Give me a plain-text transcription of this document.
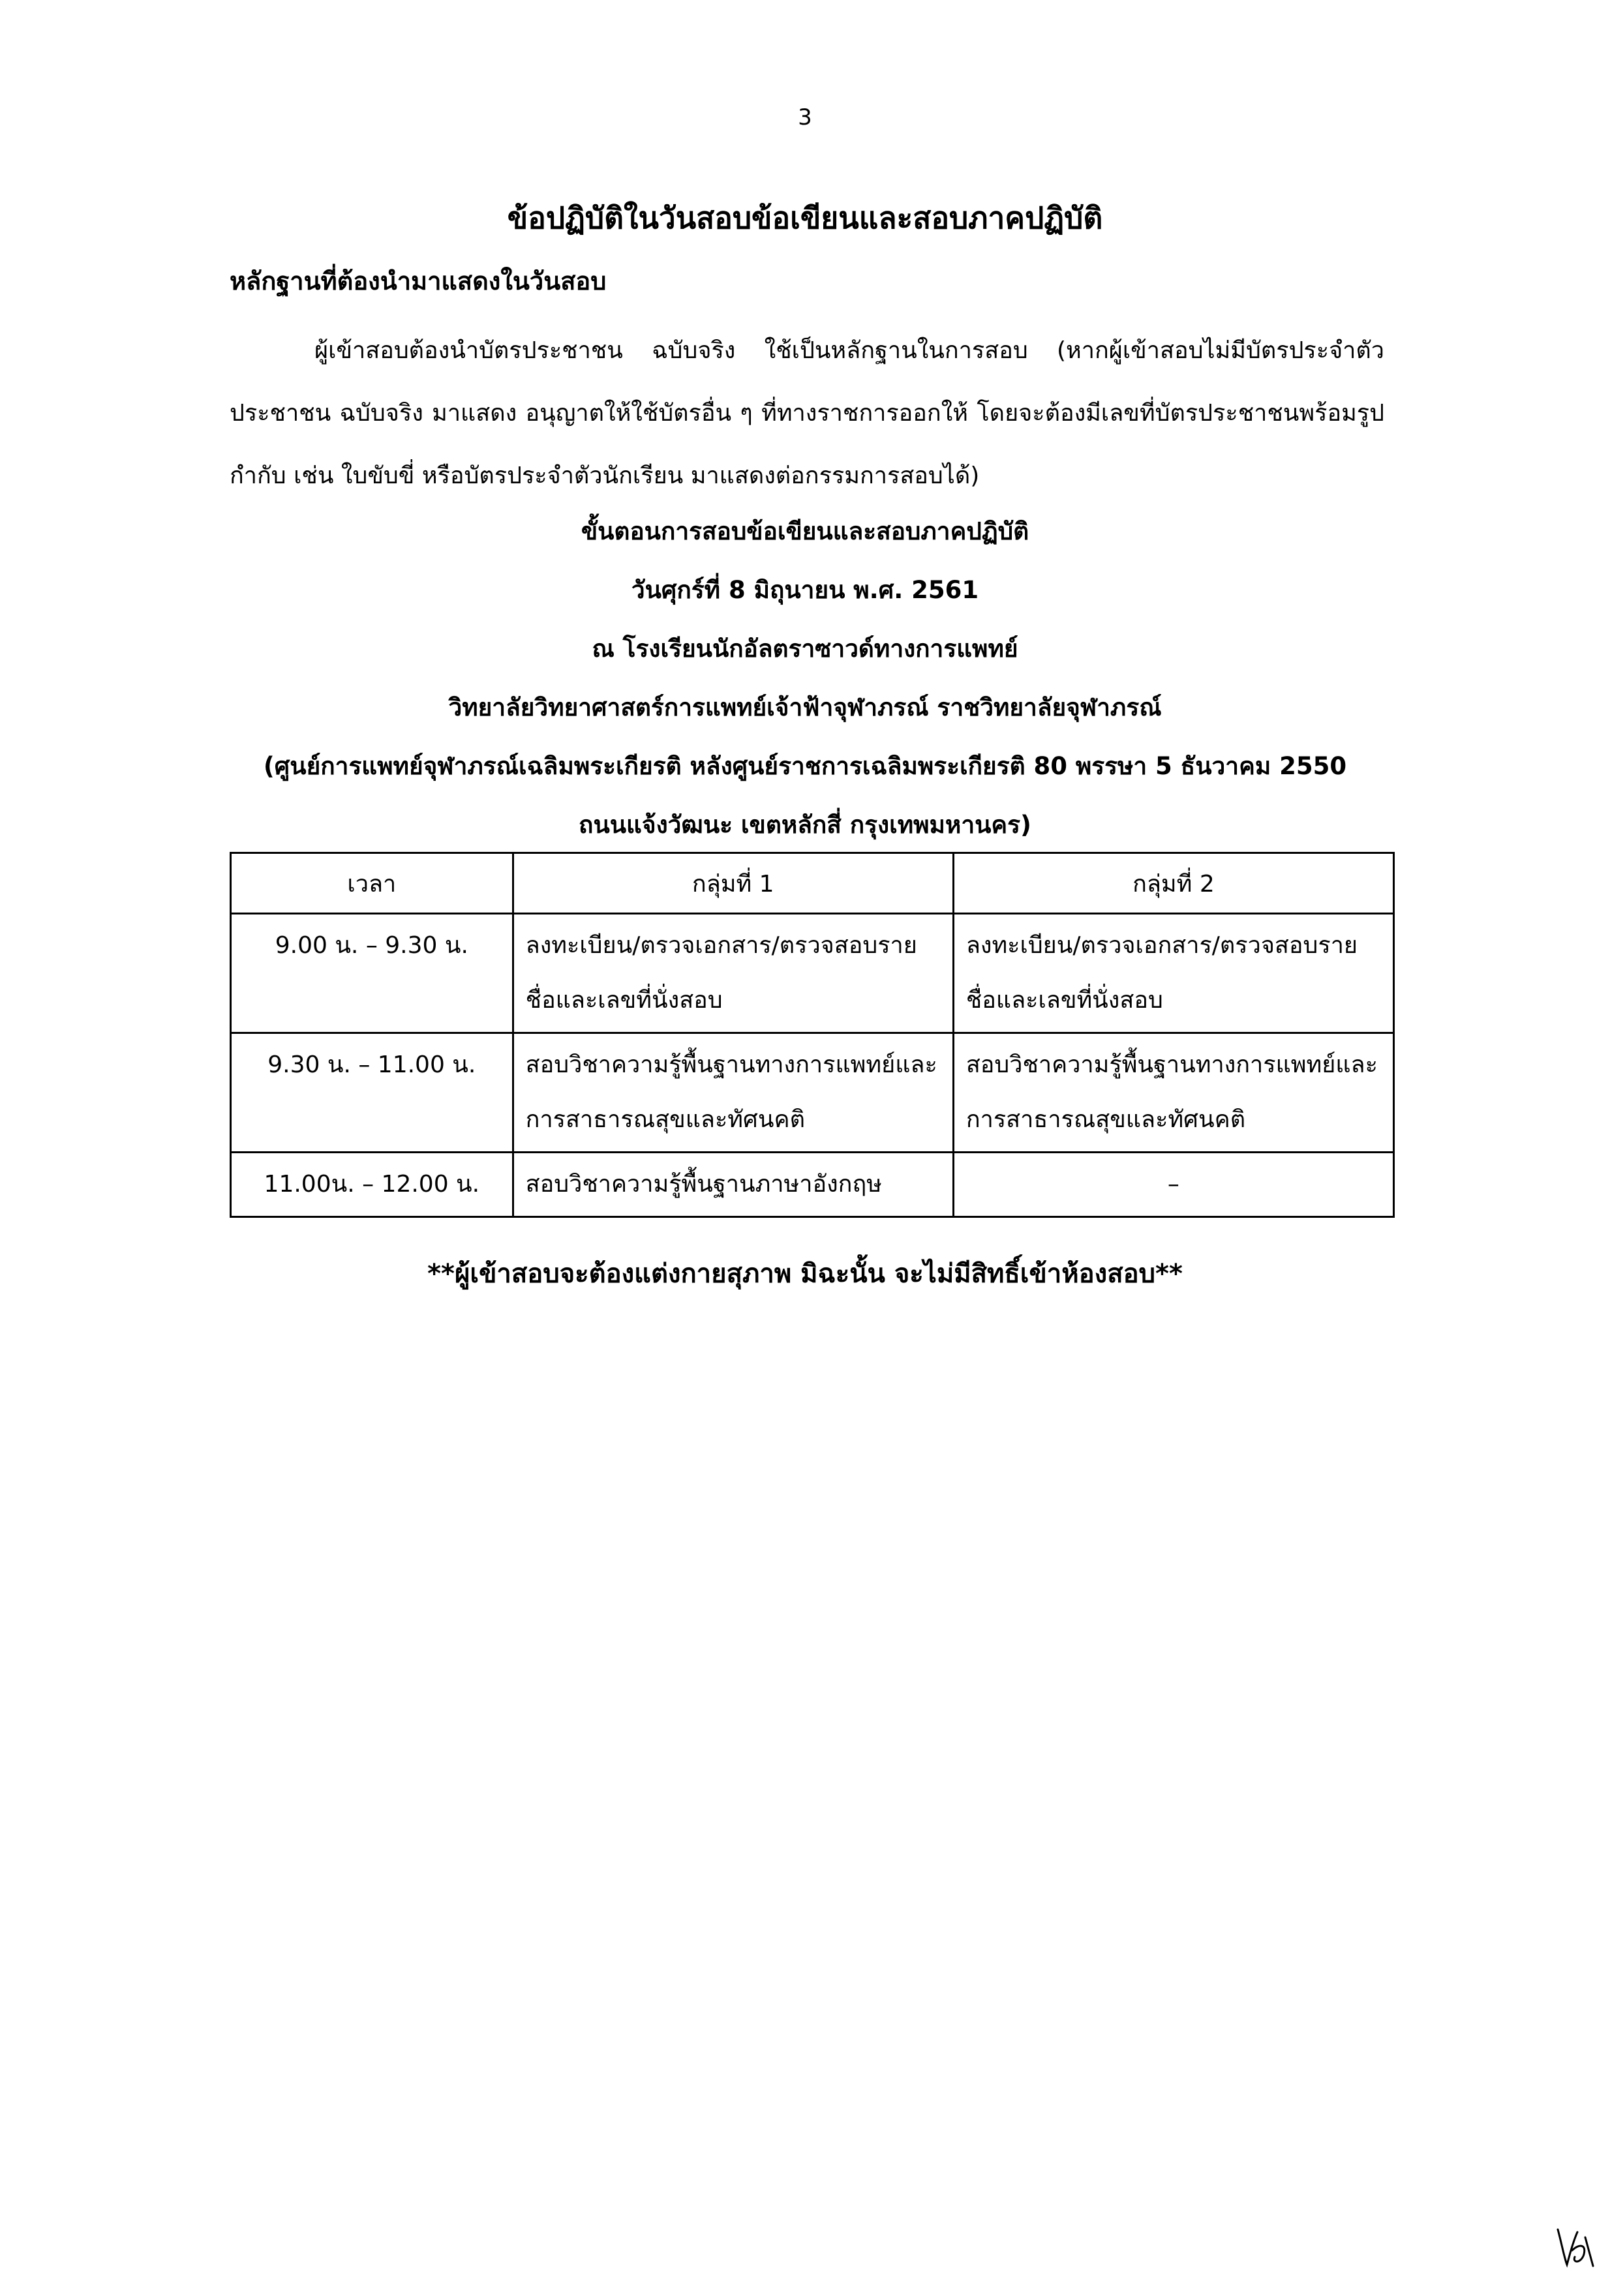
3
ข้อปฏิบัติในวันสอบข้อเขียนและสอบภาคปฏิบัติ
หลักฐานที่ต้องนำมาแสดงในวันสอบ

ผู้เข้าสอบต้องนำบัตรประชาชน ฉบับจริง ใช้เป็นหลักฐานในการสอบ (หากผู้เข้าสอบไม่มีบัตรประจำตัวประชาชน ฉบับจริง มาแสดง อนุญาตให้ใช้บัตรอื่น ๆ ที่ทางราชการออกให้ โดยจะต้องมีเลขที่บัตรประชาชนพร้อมรูปกำกับ เช่น ใบขับขี่ หรือบัตรประจำตัวนักเรียน มาแสดงต่อกรรมการสอบได้)

ขั้นตอนการสอบข้อเขียนและสอบภาคปฏิบัติ
วันศุกร์ที่ 8 มิถุนายน พ.ศ. 2561
ณ โรงเรียนนักอัลตราซาวด์ทางการแพทย์
วิทยาลัยวิทยาศาสตร์การแพทย์เจ้าฟ้าจุฬาภรณ์ ราชวิทยาลัยจุฬาภรณ์
(ศูนย์การแพทย์จุฬาภรณ์เฉลิมพระเกียรติ หลังศูนย์ราชการเฉลิมพระเกียรติ 80 พรรษา 5 ธันวาคม 2550
ถนนแจ้งวัฒนะ เขตหลักสี่ กรุงเทพมหานคร)
เวลา	กลุ่มที่ 1	กลุ่มที่ 2
9.00 น. – 9.30 น.	ลงทะเบียน/ตรวจเอกสาร/ตรวจสอบรายชื่อและเลขที่นั่งสอบ	ลงทะเบียน/ตรวจเอกสาร/ตรวจสอบรายชื่อและเลขที่นั่งสอบ
9.30 น. – 11.00 น.	สอบวิชาความรู้พื้นฐานทางการแพทย์และการสาธารณสุขและทัศนคติ	สอบวิชาความรู้พื้นฐานทางการแพทย์และการสาธารณสุขและทัศนคติ
11.00น. – 12.00 น.	สอบวิชาความรู้พื้นฐานภาษาอังกฤษ	–
**ผู้เข้าสอบจะต้องแต่งกายสุภาพ มิฉะนั้น จะไม่มีสิทธิ์เข้าห้องสอบ**
